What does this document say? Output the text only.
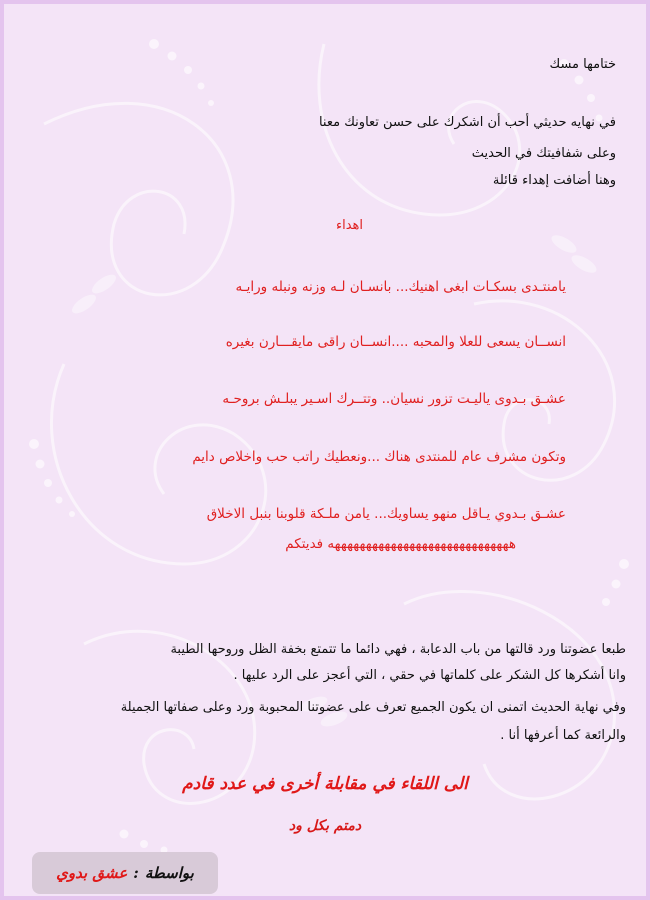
ختامها مسك
في نهايه حديثي أحب أن اشكرك على حسن تعاونك معنا
وعلى شفافيتك في الحديث
وهنا أضافت إهداء قائلة
اهداء
يامنتـدى بسكـات ابغى اهنيك... بانسـان لـه وزنه ونبله ورايـه
انســان يسعى للعلا والمحبه ....انســان راقى مايقـــارن بغيره
عشـق بـدوى ياليـت تزور نسيان.. وتتــرك اسـير يبلـش بروحـه
وتكون مشرف عام للمنتدى هناك ...ونعطيك راتب حب واخلاص دايم
عشـق بـدوي يـاقل منهو يساويك... يامن ملـكة قلوبنا بنبل الاخلاق
هههههههههههههههههههههههههههههه فديتكم
طبعا عضوتنا ورد قالتها من باب الدعابة ، فهي دائما ما تتمتع بخفة الظل وروحها الطيبة
وانا أشكرها كل الشكر على كلماتها في حقي ، التي أعجز على الرد عليها .
وفي نهاية الحديث اتمنى ان يكون الجميع تعرف على عضوتنا المحبوبة ورد وعلى صفاتها الجميلة
والرائعة كما أعرفها أنا .
الى اللقاء في مقابلة أخرى في عدد قادم
دمتم بكل ود
بواسطة
:
عشق بدوي
